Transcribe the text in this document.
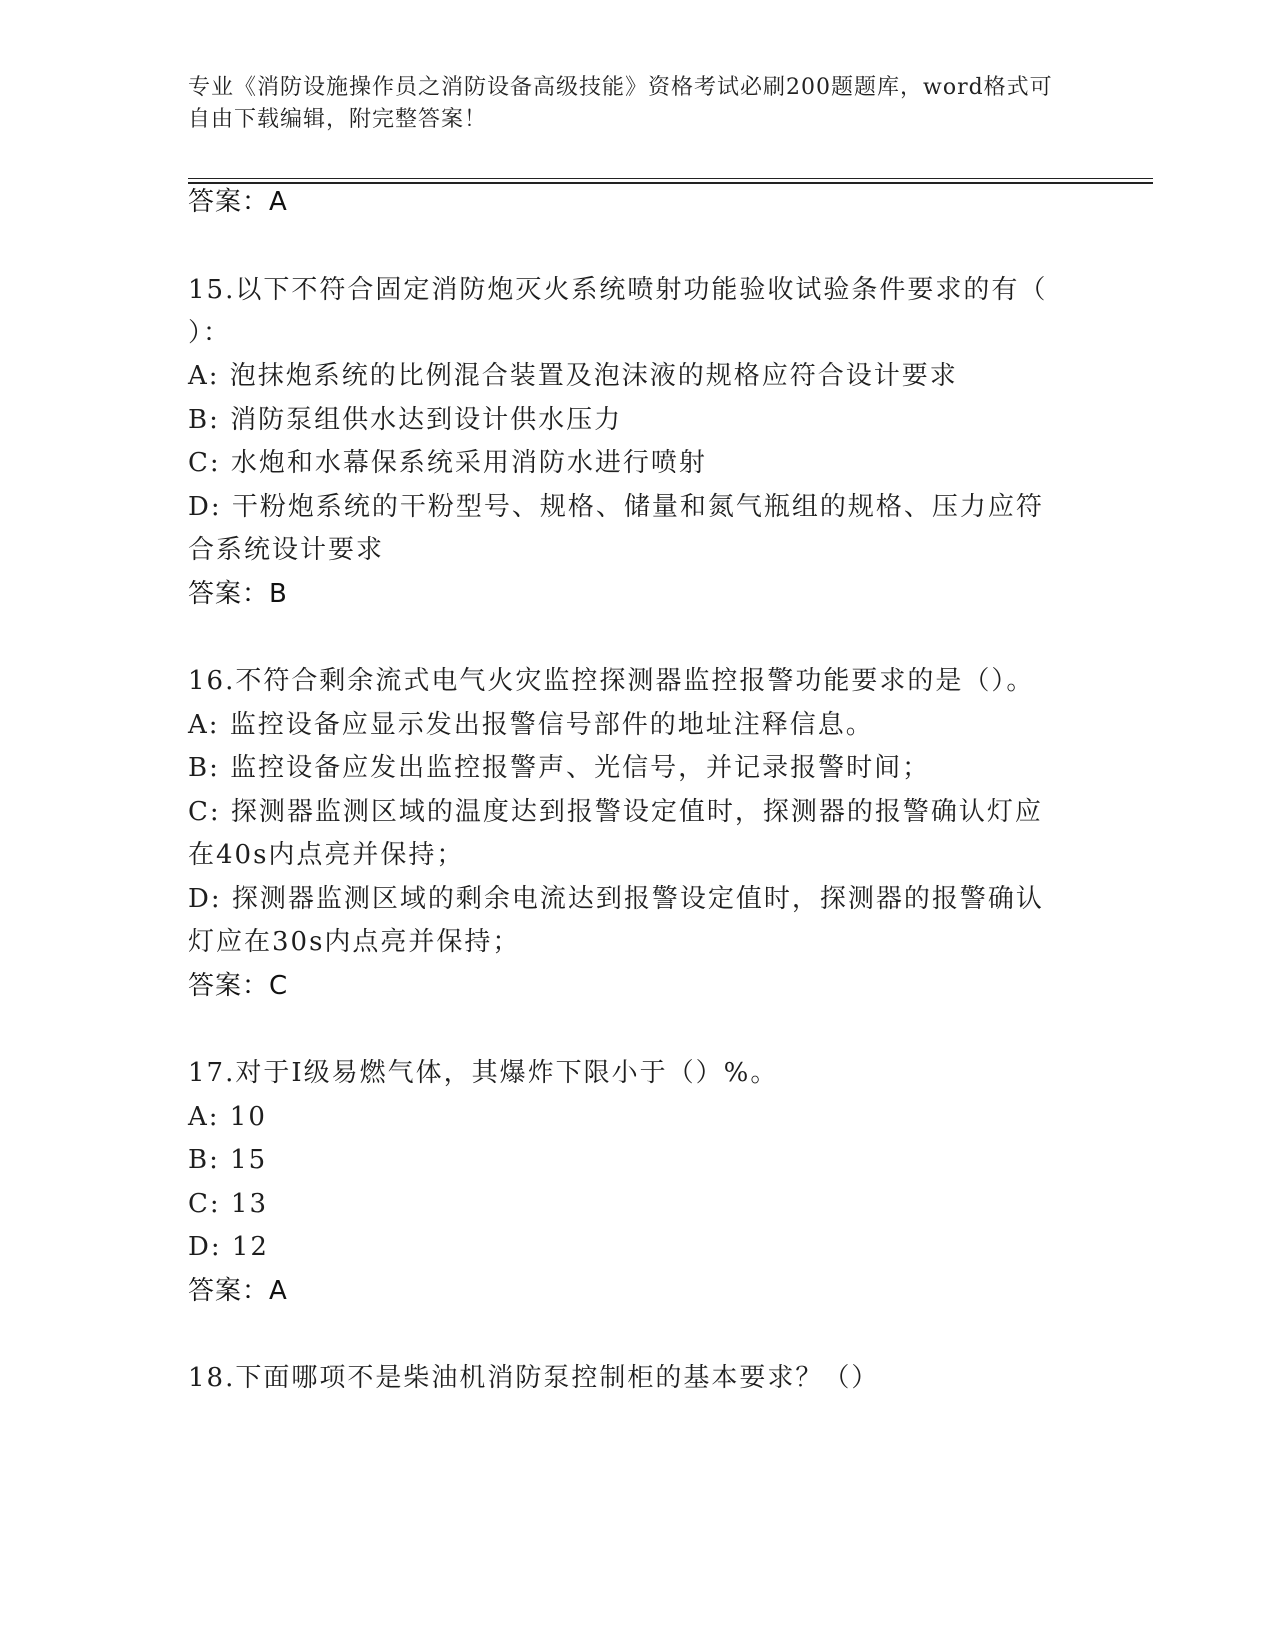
专业《消防设施操作员之消防设备高级技能》资格考试必刷200题题库，word格式可自由下载编辑，附完整答案！
答案：A
15.以下不符合固定消防炮灭火系统喷射功能验收试验条件要求的有（
）：
A: 泡抹炮系统的比例混合装置及泡沫液的规格应符合设计要求
B: 消防泵组供水达到设计供水压力
C: 水炮和水幕保系统采用消防水进行喷射
D: 干粉炮系统的干粉型号、规格、储量和氮气瓶组的规格、压力应符
合系统设计要求
答案：B
16.不符合剩余流式电气火灾监控探测器监控报警功能要求的是（）。
A: 监控设备应显示发出报警信号部件的地址注释信息。
B: 监控设备应发出监控报警声、光信号，并记录报警时间；
C: 探测器监测区域的温度达到报警设定值时，探测器的报警确认灯应
在40s内点亮并保持；
D: 探测器监测区域的剩余电流达到报警设定值时，探测器的报警确认
灯应在30s内点亮并保持；
答案：C
17.对于Ⅰ级易燃气体，其爆炸下限小于（）%。
A: 10
B: 15
C: 13
D: 12
答案：A
18.下面哪项不是柴油机消防泵控制柜的基本要求？（）
